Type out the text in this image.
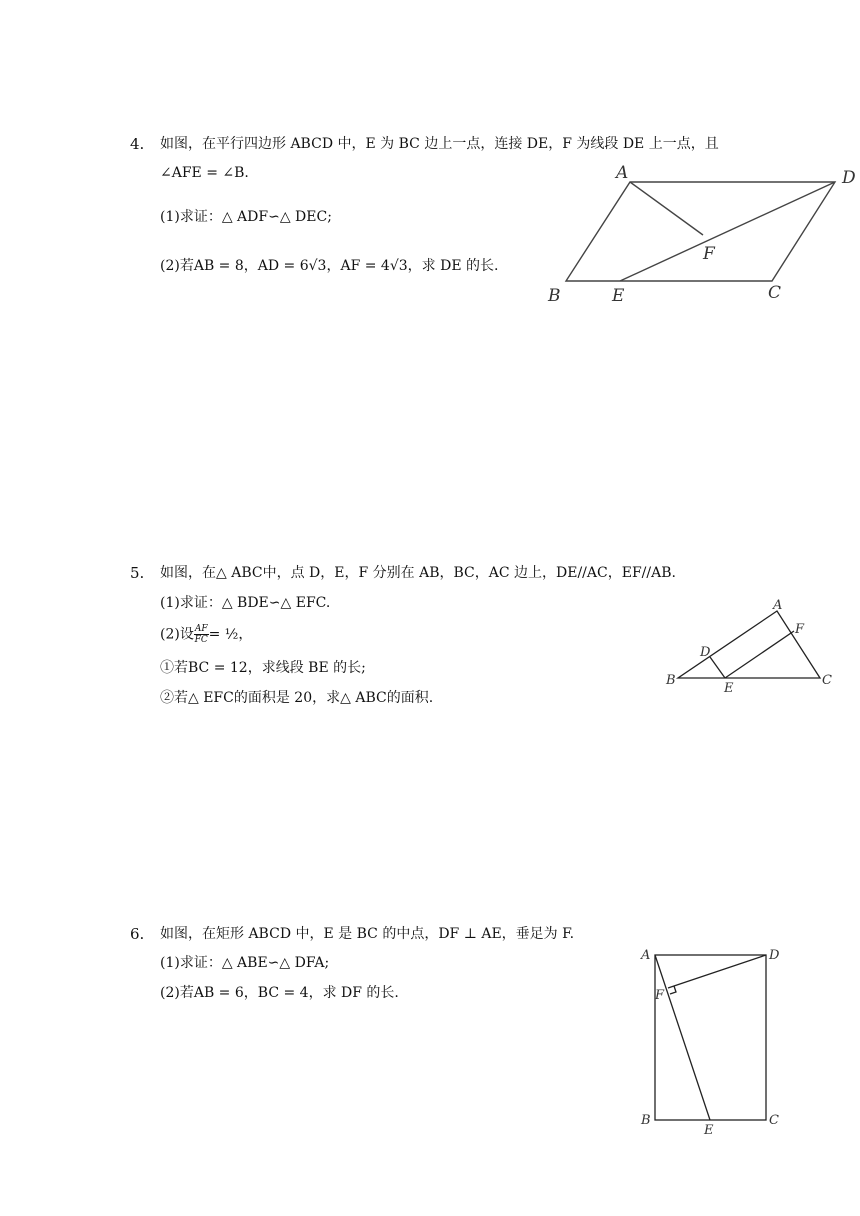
4. 如图，在平行四边形 ABCD 中，E 为 BC 边上一点，连接 DE，F 为线段 DE 上一点，且
∠AFE = ∠B.
(1)求证：△ ADF∽△ DEC;
(2)若AB = 8，AD = 6√3，AF = 4√3，求 DE 的长.
A	D
F
B	E	C
5. 如图，在△ ABC中，点 D，E，F 分别在 AB，BC，AC 边上，DE//AC，EF//AB.
(1)求证：△ BDE∽△ EFC.
(2)设 $\frac{AF}{FC}$ = ½，
①若BC = 12，求线段 BE 的长;
②若△ EFC的面积是 20，求△ ABC的面积.
A
F
D
B
E
C
6. 如图，在矩形 ABCD 中，E 是 BC 的中点，DF ⊥ AE，垂足为 F.
(1)求证：△ ABE∽△ DFA;
(2)若AB = 6，BC = 4，求 DF 的长.
A	D
F
B
E
C
